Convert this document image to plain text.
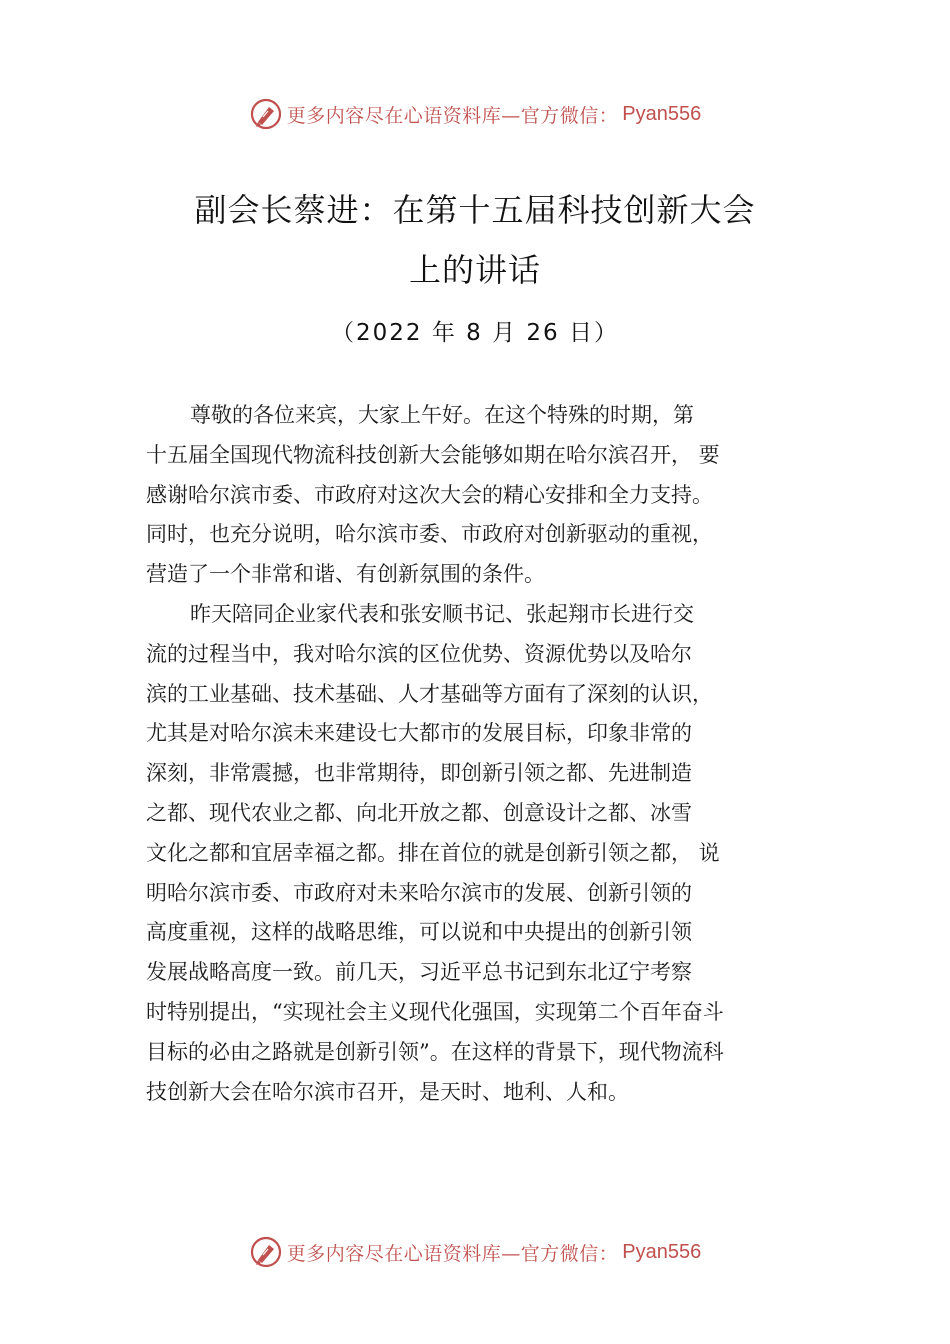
更多内容尽在心语资料库—官方微信： Pyan556
副会长蔡进：在第十五届科技创新大会
上的讲话
（2022 年 8 月 26 日）
尊敬的各位来宾，大家上午好。在这个特殊的时期，第
十五届全国现代物流科技创新大会能够如期在哈尔滨召开， 要
感谢哈尔滨市委、市政府对这次大会的精心安排和全力支持。
同时，也充分说明，哈尔滨市委、市政府对创新驱动的重视，
营造了一个非常和谐、有创新氛围的条件。
昨天陪同企业家代表和张安顺书记、张起翔市长进行交
流的过程当中，我对哈尔滨的区位优势、资源优势以及哈尔
滨的工业基础、技术基础、人才基础等方面有了深刻的认识，
尤其是对哈尔滨未来建设七大都市的发展目标，印象非常的
深刻，非常震撼，也非常期待，即创新引领之都、先进制造
之都、现代农业之都、向北开放之都、创意设计之都、冰雪
文化之都和宜居幸福之都。排在首位的就是创新引领之都， 说
明哈尔滨市委、市政府对未来哈尔滨市的发展、创新引领的
高度重视，这样的战略思维，可以说和中央提出的创新引领
发展战略高度一致。前几天，习近平总书记到东北辽宁考察
时特别提出，“实现社会主义现代化强国，实现第二个百年奋斗
目标的必由之路就是创新引领”。在这样的背景下，现代物流科
技创新大会在哈尔滨市召开，是天时、地利、人和。
更多内容尽在心语资料库—官方微信： Pyan556
